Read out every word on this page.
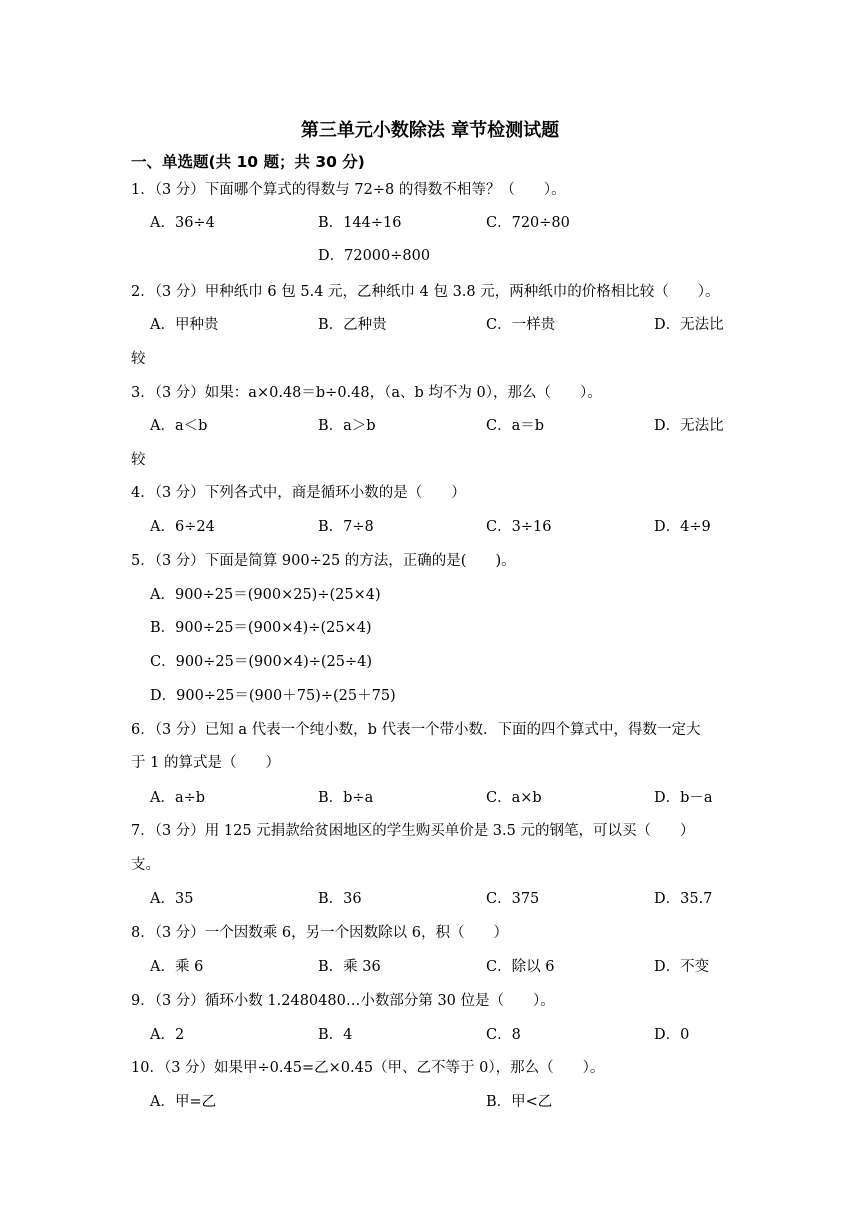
第三单元小数除法 章节检测试题
一、单选题(共 10 题；共 30 分)
1．（3 分）下面哪个算式的得数与 72÷8 的得数不相等？（　　）。
A．36÷4	B．144÷16	C．720÷80
D．72000÷800
2．（3 分）甲种纸巾 6 包 5.4 元，乙种纸巾 4 包 3.8 元，两种纸巾的价格相比较（　　）。
A．甲种贵	B．乙种贵	C．一样贵	D．无法比
较
3．（3 分）如果：a×0.48＝b÷0.48，（a、b 均不为 0），那么（　　）。
A．a＜b	B．a＞b	C．a＝b	D．无法比
较
4．（3 分）下列各式中，商是循环小数的是（　　）
A．6÷24	B．7÷8	C．3÷16	D．4÷9
5．（3 分）下面是简算 900÷25 的方法，正确的是(　　)。
A．900÷25＝(900×25)÷(25×4)
B．900÷25＝(900×4)÷(25×4)
C．900÷25＝(900×4)÷(25÷4)
D．900÷25＝(900＋75)÷(25＋75)
6．（3 分）已知 a 代表一个纯小数，b 代表一个带小数．下面的四个算式中，得数一定大
于 1 的算式是（　　）
A．a÷b	B．b÷a	C．a×b	D．b－a
7．（3 分）用 125 元捐款给贫困地区的学生购买单价是 3.5 元的钢笔，可以买（　　）
支。
A．35	B．36	C．375	D．35.7
8．（3 分）一个因数乘 6，另一个因数除以 6，积（　　）
A．乘 6	B．乘 36	C．除以 6	D．不变
9．（3 分）循环小数 1.2480480…小数部分第 30 位是（　　）。
A．2	B．4	C．8	D．0
10．（3 分）如果甲÷0.45=乙×0.45（甲、乙不等于 0），那么（　　）。
A．甲=乙	B．甲<乙
